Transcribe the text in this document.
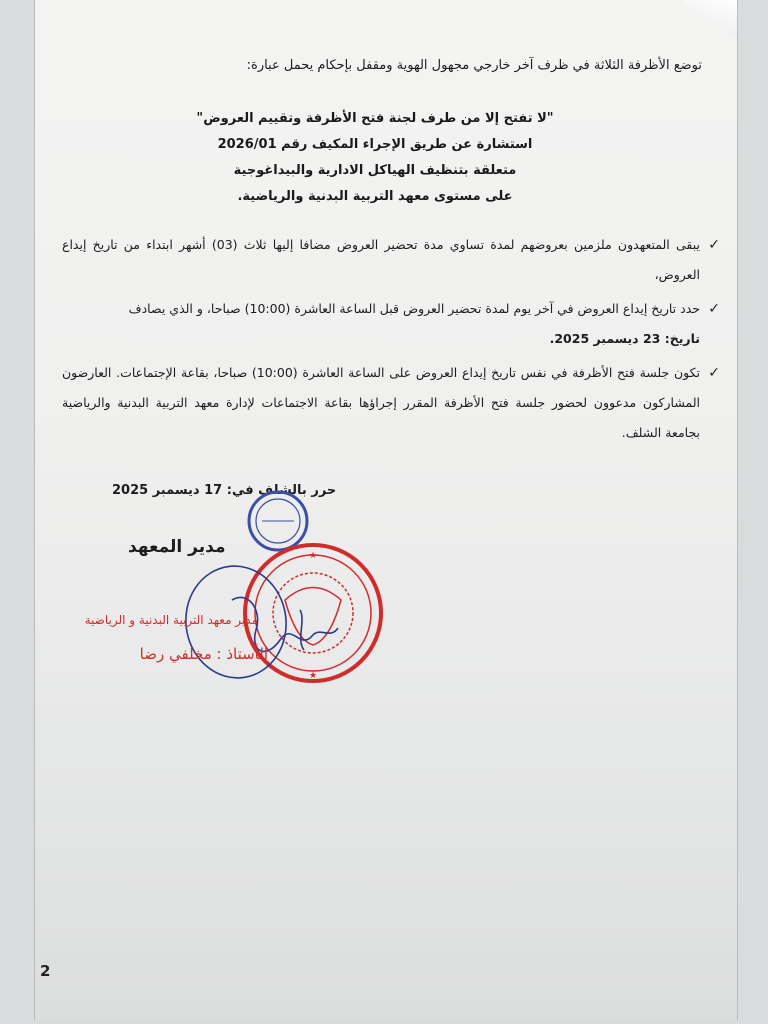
توضع الأظرفة الثلاثة في ظرف آخر خارجي مجهول الهوية ومقفل بإحكام يحمل عبارة:
"لا تفتح إلا من طرف لجنة فتح الأظرفة وتقييم العروض"
استشارة عن طريق الإجراء المكيف رقم 2026/01
متعلقة بتنظيف الهياكل الادارية والبيداغوجية
على مستوى معهد التربية البدنية والرياضية.
✓
يبقى المتعهدون ملزمين بعروضهم لمدة تساوي مدة تحضير العروض مضافا إليها ثلاث (03) أشهر ابتداء من تاريخ إيداع العروض،
✓
حدد تاريخ إيداع العروض في آخر يوم لمدة تحضير العروض قبل الساعة العاشرة (10:00) صباحا، و الذي يصادف
تاريخ: 23 ديسمبر 2025.
✓
تكون جلسة فتح الأظرفة في نفس تاريخ إيداع العروض على الساعة العاشرة (10:00) صباحا، بقاعة الإجتماعات. العارضون المشاركون مدعوون لحضور جلسة فتح الأظرفة المقرر إجراؤها بقاعة الاجتماعات لإدارة معهد التربية البدنية والرياضية بجامعة الشلف.
حرر بالشلف في: 17 ديسمبر 2025
مدير المعهد	★
★
مدير معهد التربية البدنية و الرياضية
الأستاذ : مخلفي رضا
2
